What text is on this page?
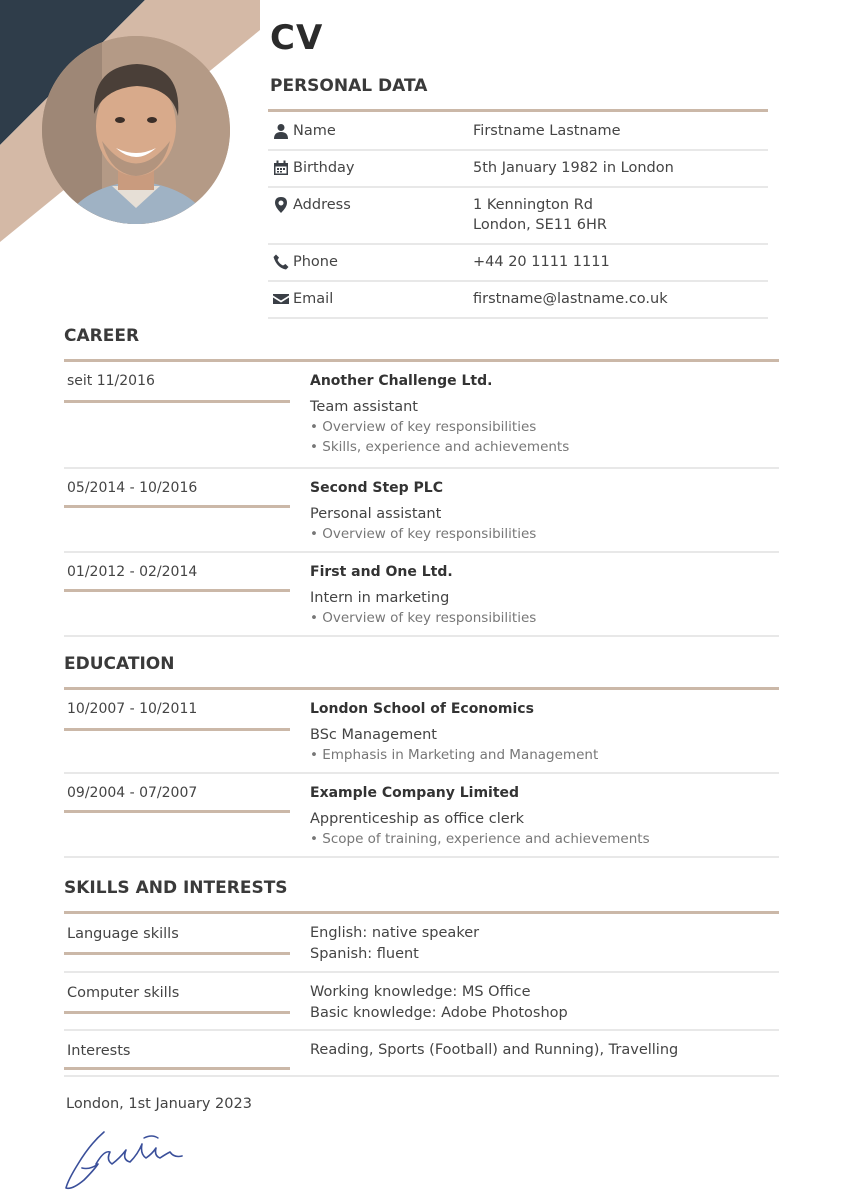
CV
PERSONAL DATA
Name	Firstname Lastname
Birthday	5th January 1982 in London
Address	1 Kennington Rd
London, SE11 6HR
Phone	+44 20 1111 1111
Email	firstname@lastname.co.uk
CAREER
seit 11/2016	Another Challenge Ltd.
Team assistant
• Overview of key responsibilities
• Skills, experience and achievements
05/2014 - 10/2016	Second Step PLC
Personal assistant
• Overview of key responsibilities
01/2012 - 02/2014	First and One Ltd.
Intern in marketing
• Overview of key responsibilities
EDUCATION
10/2007 - 10/2011	London School of Economics
BSc Management
• Emphasis in Marketing and Management
09/2004 - 07/2007	Example Company Limited
Apprenticeship as office clerk
• Scope of training, experience and achievements
SKILLS AND INTERESTS
Language skills	English: native speaker
Spanish: fluent
Computer skills	Working knowledge: MS Office
Basic knowledge: Adobe Photoshop
Interests	Reading, Sports (Football) and Running), Travelling
London, 1st January 2023
